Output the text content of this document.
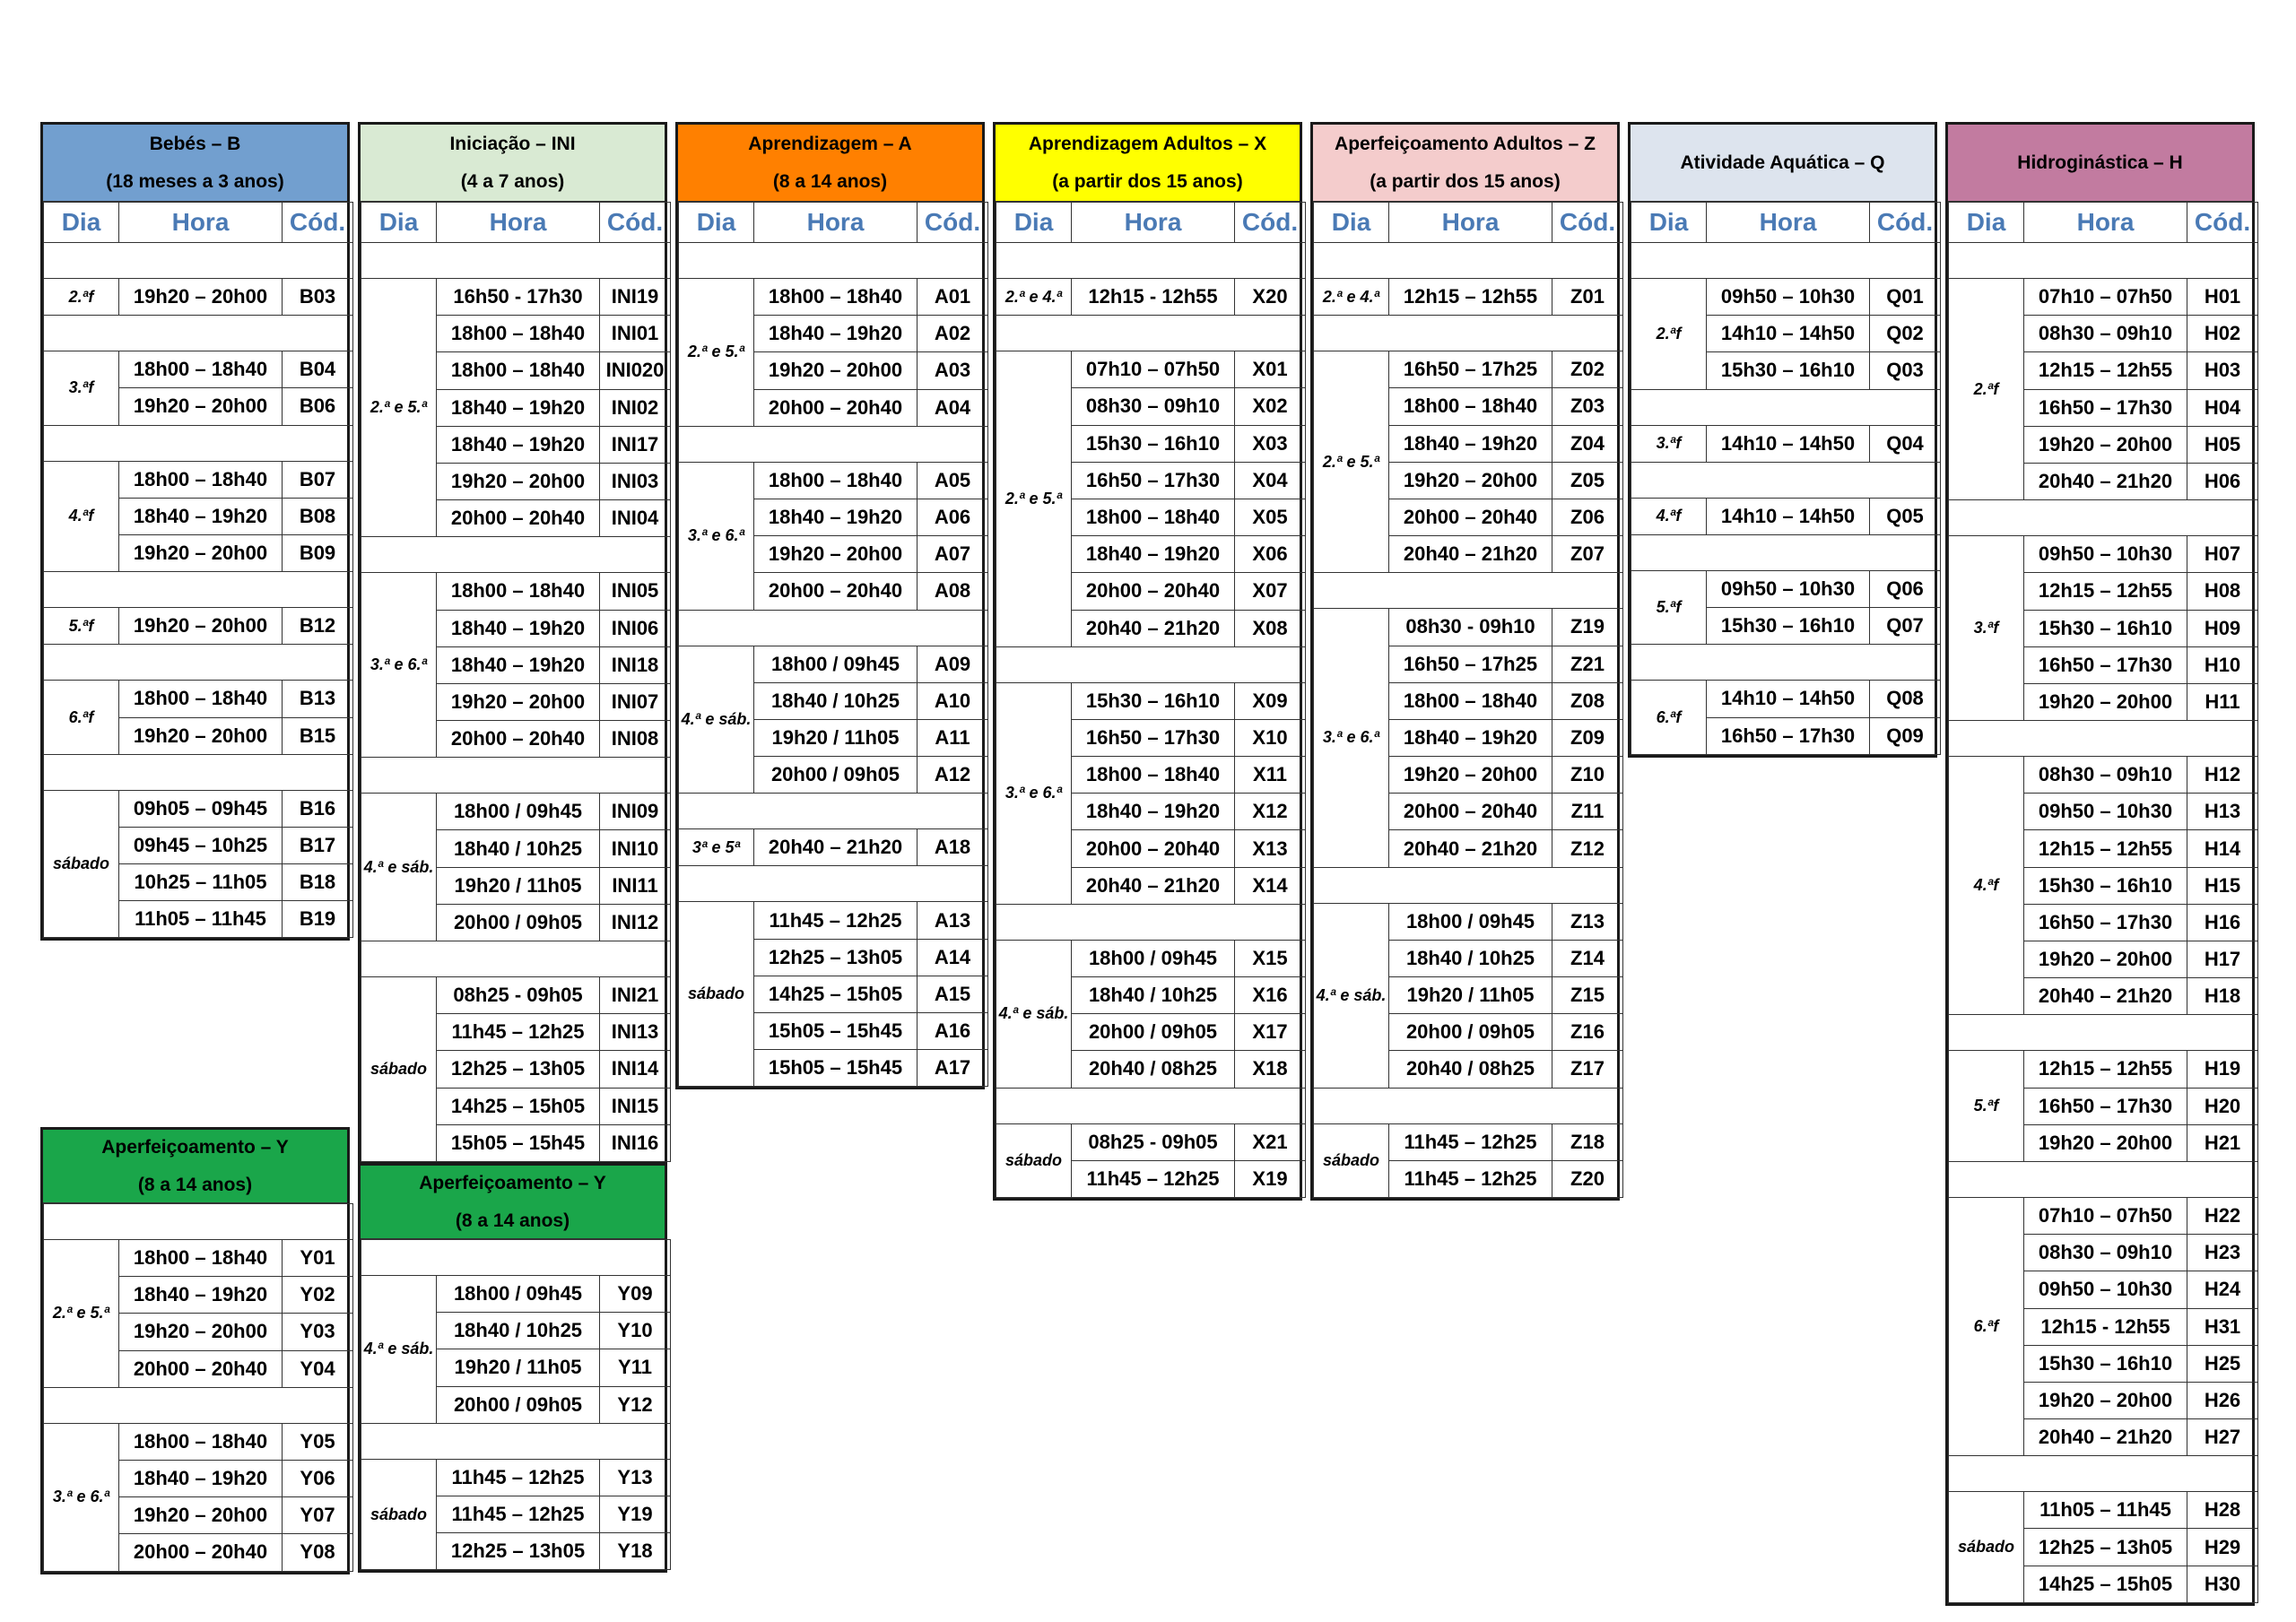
Bebés – B
(18 meses a 3 anos)
Dia	Hora	Cód.

2.ªf	19h20 – 20h00	B03

3.ªf	18h00 – 18h40	B04
	19h20 – 20h00	B06

4.ªf	18h00 – 18h40	B07
	18h40 – 19h20	B08
	19h20 – 20h00	B09

5.ªf	19h20 – 20h00	B12

6.ªf	18h00 – 18h40	B13
	19h20 – 20h00	B15

sábado	09h05 – 09h45	B16
	09h45 – 10h25	B17
	10h25 – 11h05	B18
	11h05 – 11h45	B19
Iniciação – INI
(4 a 7 anos)
Dia	Hora	Cód.

2.ª e 5.ª	16h50 - 17h30	INI19
	18h00 – 18h40	INI01
	18h00 – 18h40	INI020
	18h40 – 19h20	INI02
	18h40 – 19h20	INI17
	19h20 – 20h00	INI03
	20h00 – 20h40	INI04

3.ª e 6.ª	18h00 – 18h40	INI05
	18h40 – 19h20	INI06
	18h40 – 19h20	INI18
	19h20 – 20h00	INI07
	20h00 – 20h40	INI08

4.ª e sáb.	18h00 / 09h45	INI09
	18h40 / 10h25	INI10
	19h20 / 11h05	INI11
	20h00 / 09h05	INI12

sábado	08h25 - 09h05	INI21
	11h45 – 12h25	INI13
	12h25 – 13h05	INI14
	14h25 – 15h05	INI15
	15h05 – 15h45	INI16
Aprendizagem – A
(8 a 14 anos)
Dia	Hora	Cód.

2.ª e 5.ª	18h00 – 18h40	A01
	18h40 – 19h20	A02
	19h20 – 20h00	A03
	20h00 – 20h40	A04

3.ª e 6.ª	18h00 – 18h40	A05
	18h40 – 19h20	A06
	19h20 – 20h00	A07
	20h00 – 20h40	A08

4.ª e sáb.	18h00 / 09h45	A09
	18h40 / 10h25	A10
	19h20 / 11h05	A11
	20h00 / 09h05	A12

3ª e 5ª	20h40 – 21h20	A18

sábado	11h45 – 12h25	A13
	12h25 – 13h05	A14
	14h25 – 15h05	A15
	15h05 – 15h45	A16
	15h05 – 15h45	A17
Aprendizagem Adultos – X
(a partir dos 15 anos)
Dia	Hora	Cód.

2.ª e 4.ª	12h15 - 12h55	X20

2.ª e 5.ª	07h10 – 07h50	X01
	08h30 – 09h10	X02
	15h30 – 16h10	X03
	16h50 – 17h30	X04
	18h00 – 18h40	X05
	18h40 – 19h20	X06
	20h00 – 20h40	X07
	20h40 – 21h20	X08

3.ª e 6.ª	15h30 – 16h10	X09
	16h50 – 17h30	X10
	18h00 – 18h40	X11
	18h40 – 19h20	X12
	20h00 – 20h40	X13
	20h40 – 21h20	X14

4.ª e sáb.	18h00 / 09h45	X15
	18h40 / 10h25	X16
	20h00 / 09h05	X17
	20h40 / 08h25	X18

sábado	08h25 - 09h05	X21
	11h45 – 12h25	X19
Aperfeiçoamento Adultos – Z
(a partir dos 15 anos)
Dia	Hora	Cód.

2.ª e 4.ª	12h15 – 12h55	Z01

2.ª e 5.ª	16h50 – 17h25	Z02
	18h00 – 18h40	Z03
	18h40 – 19h20	Z04
	19h20 – 20h00	Z05
	20h00 – 20h40	Z06
	20h40 – 21h20	Z07

3.ª e 6.ª	08h30 - 09h10	Z19
	16h50 – 17h25	Z21
	18h00 – 18h40	Z08
	18h40 – 19h20	Z09
	19h20 – 20h00	Z10
	20h00 – 20h40	Z11
	20h40 – 21h20	Z12

4.ª e sáb.	18h00 / 09h45	Z13
	18h40 / 10h25	Z14
	19h20 / 11h05	Z15
	20h00 / 09h05	Z16
	20h40 / 08h25	Z17

sábado	11h45 – 12h25	Z18
	11h45 – 12h25	Z20
Atividade Aquática – Q
Dia	Hora	Cód.

2.ªf	09h50 – 10h30	Q01
	14h10 – 14h50	Q02
	15h30 – 16h10	Q03

3.ªf	14h10 – 14h50	Q04

4.ªf	14h10 – 14h50	Q05

5.ªf	09h50 – 10h30	Q06
	15h30 – 16h10	Q07

6.ªf	14h10 – 14h50	Q08
	16h50 – 17h30	Q09
Hidroginástica – H
Dia	Hora	Cód.

2.ªf	07h10 – 07h50	H01
	08h30 – 09h10	H02
	12h15 – 12h55	H03
	16h50 – 17h30	H04
	19h20 – 20h00	H05
	20h40 – 21h20	H06

3.ªf	09h50 – 10h30	H07
	12h15 – 12h55	H08
	15h30 – 16h10	H09
	16h50 – 17h30	H10
	19h20 – 20h00	H11

4.ªf	08h30 – 09h10	H12
	09h50 – 10h30	H13
	12h15 – 12h55	H14
	15h30 – 16h10	H15
	16h50 – 17h30	H16
	19h20 – 20h00	H17
	20h40 – 21h20	H18

5.ªf	12h15 – 12h55	H19
	16h50 – 17h30	H20
	19h20 – 20h00	H21

6.ªf	07h10 – 07h50	H22
	08h30 – 09h10	H23
	09h50 – 10h30	H24
	12h15 - 12h55	H31
	15h30 – 16h10	H25
	19h20 – 20h00	H26
	20h40 – 21h20	H27

sábado	11h05 – 11h45	H28
	12h25 – 13h05	H29
	14h25 – 15h05	H30
Aperfeiçoamento – Y
(8 a 14 anos)

2.ª e 5.ª	18h00 – 18h40	Y01
	18h40 – 19h20	Y02
	19h20 – 20h00	Y03
	20h00 – 20h40	Y04

3.ª e 6.ª	18h00 – 18h40	Y05
	18h40 – 19h20	Y06
	19h20 – 20h00	Y07
	20h00 – 20h40	Y08
Aperfeiçoamento – Y
(8 a 14 anos)

4.ª e sáb.	18h00 / 09h45	Y09
	18h40 / 10h25	Y10
	19h20 / 11h05	Y11
	20h00 / 09h05	Y12

sábado	11h45 – 12h25	Y13
	11h45 – 12h25	Y19
	12h25 – 13h05	Y18
